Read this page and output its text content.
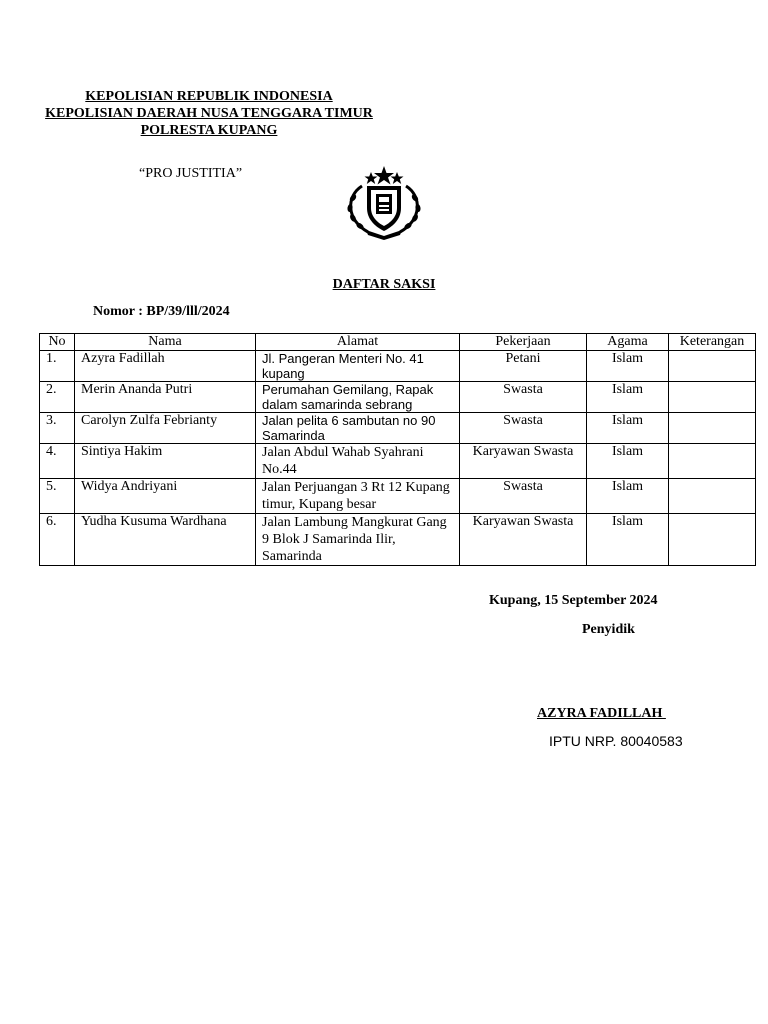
KEPOLISIAN REPUBLIK INDONESIA
KEPOLISIAN DAERAH NUSA TENGGARA TIMUR
POLRESTA KUPANG
“PRO JUSTITIA”
DAFTAR SAKSI
Nomor : BP/39/lll/2024
No	Nama	Alamat	Pekerjaan	Agama	Keterangan
1.	Azyra Fadillah	Jl. Pangeran Menteri No. 41 kupang	Petani	Islam	
2.	Merin Ananda Putri	Perumahan Gemilang, Rapak dalam samarinda sebrang	Swasta	Islam	
3.	Carolyn Zulfa Febrianty	Jalan pelita 6 sambutan no 90 Samarinda	Swasta	Islam	
4.	Sintiya Hakim	Jalan Abdul Wahab Syahrani No.44	Karyawan Swasta	Islam	
5.	Widya Andriyani	Jalan Perjuangan 3 Rt 12 Kupang timur, Kupang besar	Swasta	Islam	
6.	Yudha Kusuma Wardhana	Jalan Lambung Mangkurat Gang 9 Blok J Samarinda Ilir, Samarinda	Karyawan Swasta	Islam	
Kupang, 15 September 2024
Penyidik
AZYRA FADILLAH
IPTU NRP. 80040583
